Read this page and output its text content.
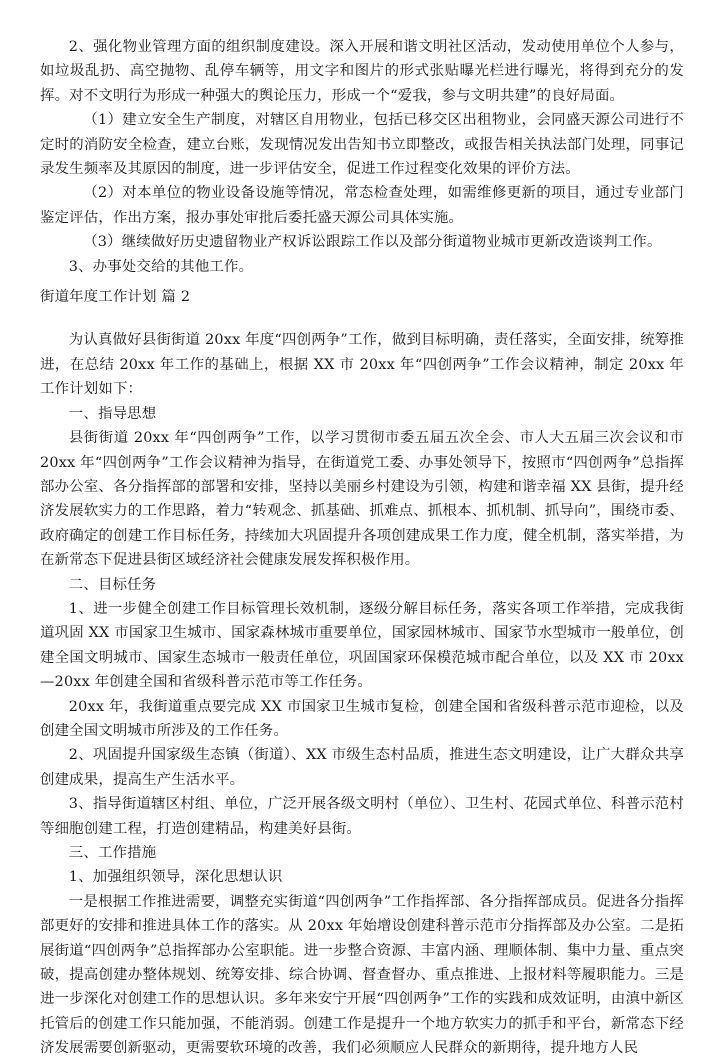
2、强化物业管理方面的组织制度建设。深入开展和谐文明社区活动，发动使用单位个人参与，如垃圾乱扔、高空抛物、乱停车辆等，用文字和图片的形式张贴曝光栏进行曝光，将得到充分的发挥。对不文明行为形成一种强大的舆论压力，形成一个“爱我，参与文明共建”的良好局面。

（1）建立安全生产制度，对辖区自用物业，包括已移交区出租物业，会同盛天源公司进行不定时的消防安全检查，建立台账，发现情况发出告知书立即整改，或报告相关执法部门处理，同事记录发生频率及其原因的制度，进一步评估安全，促进工作过程变化效果的评价方法。

（2）对本单位的物业设备设施等情况，常态检查处理，如需维修更新的项目，通过专业部门鉴定评估，作出方案，报办事处审批后委托盛天源公司具体实施。

（3）继续做好历史遗留物业产权诉讼跟踪工作以及部分街道物业城市更新改造谈判工作。

3、办事处交给的其他工作。

街道年度工作计划 篇 2

为认真做好县街街道 20xx 年度“四创两争”工作，做到目标明确，责任落实，全面安排，统筹推进，在总结 20xx 年工作的基础上，根据 XX 市 20xx 年“四创两争”工作会议精神，制定 20xx 年工作计划如下：

一、指导思想

县街街道 20xx 年“四创两争”工作，以学习贯彻市委五届五次全会、市人大五届三次会议和市 20xx 年“四创两争”工作会议精神为指导，在街道党工委、办事处领导下，按照市“四创两争”总指挥部办公室、各分指挥部的部署和安排，坚持以美丽乡村建设为引领，构建和谐幸福 XX 县街，提升经济发展软实力的工作思路，着力“转观念、抓基础、抓难点、抓根本、抓机制、抓导向”，围绕市委、政府确定的创建工作目标任务，持续加大巩固提升各项创建成果工作力度，健全机制，落实举措，为在新常态下促进县街区域经济社会健康发展发挥积极作用。

二、目标任务

1、进一步健全创建工作目标管理长效机制，逐级分解目标任务，落实各项工作举措，完成我街道巩固 XX 市国家卫生城市、国家森林城市重要单位，国家园林城市、国家节水型城市一般单位，创建全国文明城市、国家生态城市一般责任单位，巩固国家环保模范城市配合单位，以及 XX 市 20xx—20xx 年创建全国和省级科普示范市等工作任务。

20xx 年，我街道重点要完成 XX 市国家卫生城市复检，创建全国和省级科普示范市迎检，以及创建全国文明城市所涉及的工作任务。

2、巩固提升国家级生态镇（街道）、XX 市级生态村品质，推进生态文明建设，让广大群众共享创建成果，提高生产生活水平。

3、指导街道辖区村组、单位，广泛开展各级文明村（单位）、卫生村、花园式单位、科普示范村等细胞创建工程，打造创建精品，构建美好县街。

三、工作措施

1、加强组织领导，深化思想认识

一是根据工作推进需要，调整充实街道“四创两争”工作指挥部、各分指挥部成员。促进各分指挥部更好的安排和推进具体工作的落实。从 20xx 年始增设创建科普示范市分指挥部及办公室。二是拓展街道“四创两争”总指挥部办公室职能。进一步整合资源、丰富内涵、理顺体制、集中力量、重点突破，提高创建办整体规划、统筹安排、综合协调、督查督办、重点推进、上报材料等履职能力。三是进一步深化对创建工作的思想认识。多年来安宁开展“四创两争”工作的实践和成效证明，由滇中新区托管后的创建工作只能加强，不能消弱。创建工作是提升一个地方软实力的抓手和平台，新常态下经济发展需要创新驱动，更需要软环境的改善，我们必须顺应人民群众的新期待，提升地方人民
